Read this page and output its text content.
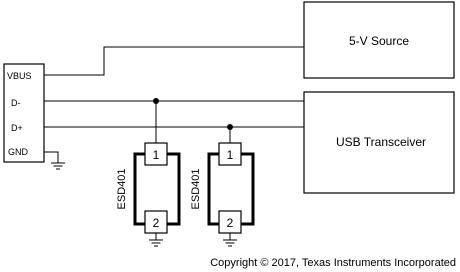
VBUS
D-
D+
GND
5-V Source
USB Transceiver
1
2
ESD401
1
2
ESD401
Copyright © 2017, Texas Instruments Incorporated
